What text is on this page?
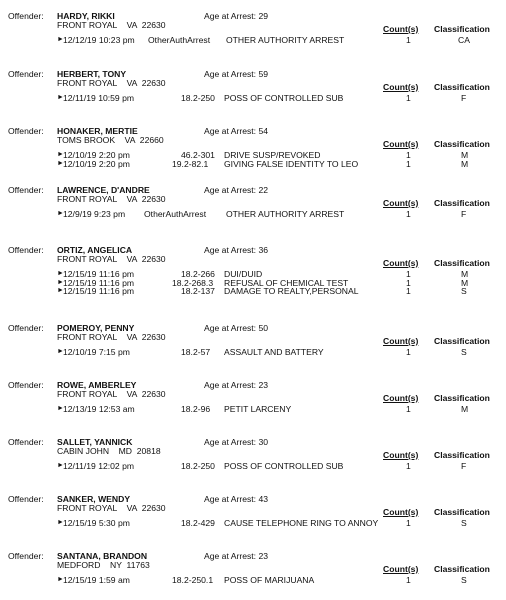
Offender: HARDY, RIKKI	Age at Arrest: 29
FRONT ROYAL    VA  22630	Count(s) Classification
► 12/12/19 10:23 pm OtherAuthArrest OTHER AUTHORITY ARREST	1	CA
Offender: HERBERT, TONY	Age at Arrest: 59
FRONT ROYAL    VA  22630	Count(s) Classification
► 12/11/19 10:59 pm	18.2-250 POSS OF CONTROLLED SUB	1	F
Offender: HONAKER, MERTIE	Age at Arrest: 54
TOMS BROOK    VA  22660	Count(s) Classification
► 12/10/19 2:20 pm	46.2-301 DRIVE SUSP/REVOKED	1	M
► 12/10/19 2:20 pm	19.2-82.1 GIVING FALSE IDENTITY TO LEO	1	M
Offender: LAWRENCE, D'ANDRE	Age at Arrest: 22
FRONT ROYAL    VA  22630	Count(s) Classification
► 12/9/19 9:23 pm OtherAuthArrest OTHER AUTHORITY ARREST	1	F
Offender: ORTIZ, ANGELICA	Age at Arrest: 36
FRONT ROYAL    VA  22630	Count(s) Classification
► 12/15/19 11:16 pm	18.2-266 DUI/DUID	1	M
► 12/15/19 11:16 pm	18.2-268.3 REFUSAL OF CHEMICAL TEST	1	M
► 12/15/19 11:16 pm	18.2-137 DAMAGE TO REALTY,PERSONAL	1	S
Offender: POMEROY, PENNY	Age at Arrest: 50
FRONT ROYAL    VA  22630	Count(s) Classification
► 12/10/19 7:15 pm	18.2-57 ASSAULT AND BATTERY	1	S
Offender: ROWE, AMBERLEY	Age at Arrest: 23
FRONT ROYAL    VA  22630	Count(s) Classification
► 12/13/19 12:53 am	18.2-96 PETIT LARCENY	1	M
Offender: SALLET, YANNICK	Age at Arrest: 30
CABIN JOHN    MD  20818	Count(s) Classification
► 12/11/19 12:02 pm	18.2-250 POSS OF CONTROLLED SUB	1	F
Offender: SANKER, WENDY	Age at Arrest: 43
FRONT ROYAL    VA  22630	Count(s) Classification
► 12/15/19 5:30 pm	18.2-429 CAUSE TELEPHONE RING TO ANNOY	1	S
Offender: SANTANA, BRANDON	Age at Arrest: 23
MEDFORD    NY  11763	Count(s) Classification
► 12/15/19 1:59 am	18.2-250.1 POSS OF MARIJUANA	1	S
